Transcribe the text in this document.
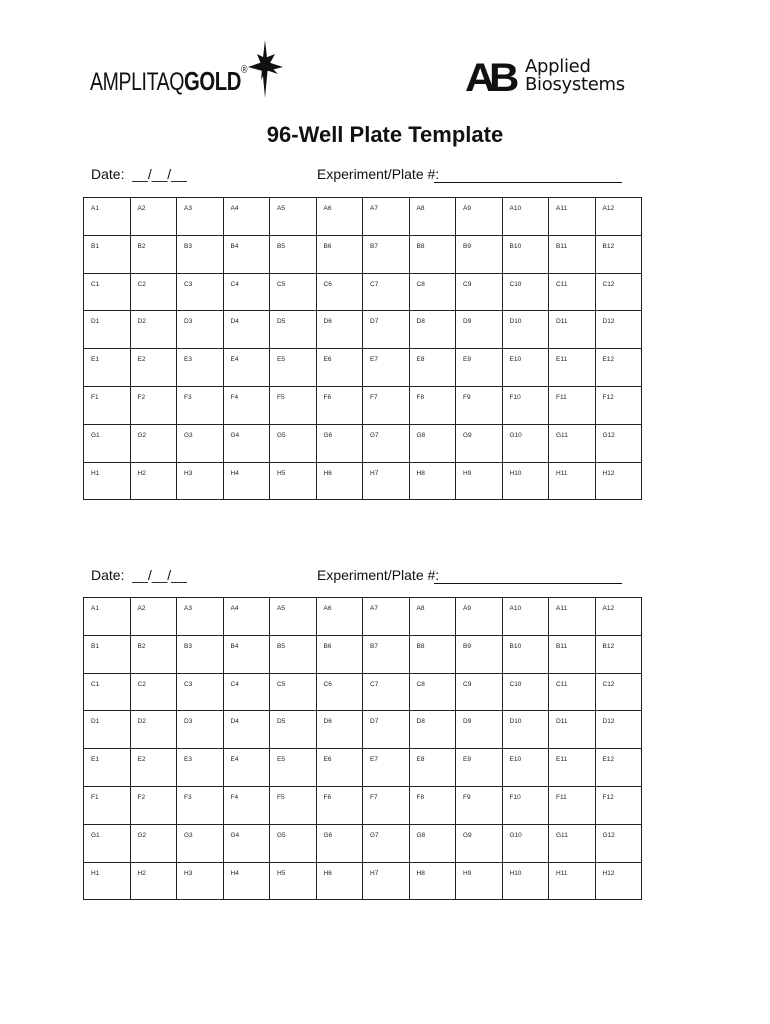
AMPLITAQGOLD®	AB Applied
Biosystems
96-Well Plate Template
Date: __/__/__	Experiment/Plate #:
A1	A2	A3	A4	A5	A6	A7	A8	A9	A10	A11	A12
B1	B2	B3	B4	B5	B6	B7	B8	B9	B10	B11	B12
C1	C2	C3	C4	C5	C6	C7	C8	C9	C10	C11	C12
D1	D2	D3	D4	D5	D6	D7	D8	D9	D10	D11	D12
E1	E2	E3	E4	E5	E6	E7	E8	E9	E10	E11	E12
F1	F2	F3	F4	F5	F6	F7	F8	F9	F10	F11	F12
G1	G2	G3	G4	G5	G6	G7	G8	G9	G10	G11	G12
H1	H2	H3	H4	H5	H6	H7	H8	H9	H10	H11	H12
Date: __/__/__	Experiment/Plate #:
A1	A2	A3	A4	A5	A6	A7	A8	A9	A10	A11	A12
B1	B2	B3	B4	B5	B6	B7	B8	B9	B10	B11	B12
C1	C2	C3	C4	C5	C6	C7	C8	C9	C10	C11	C12
D1	D2	D3	D4	D5	D6	D7	D8	D9	D10	D11	D12
E1	E2	E3	E4	E5	E6	E7	E8	E9	E10	E11	E12
F1	F2	F3	F4	F5	F6	F7	F8	F9	F10	F11	F12
G1	G2	G3	G4	G5	G6	G7	G8	G9	G10	G11	G12
H1	H2	H3	H4	H5	H6	H7	H8	H9	H10	H11	H12
